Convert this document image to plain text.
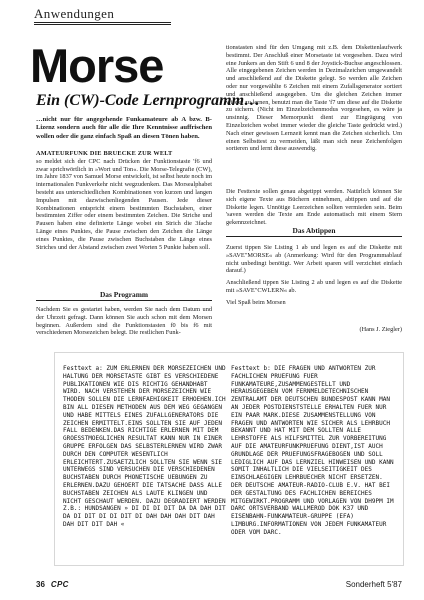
Anwendungen
Morse
Ein (CW)-Code Lernprogramm…

…nicht nur für angegehende Funkamateure ab A bzw. B-Lizenz sondern auch für alle die Ihre Kenntnisse auffrischen wollen oder die ganz einfach Spaß an diesen Tönen haben.

AMATEURFUNK DIE BRUECKE ZUR WELT

so meldet sich der CPC nach Drücken der Funktionstaste 'f6 und zwar sprichwörtlich in »Wort und Ton«. Die Morse-Telegrafie (CW), im Jahre 1837 von Samuel Morse entwickelt, ist selbst heute noch im internationalen Funkverkehr nicht wegzudenken. Das Morsealphabet besteht aus unterschiedlichen Kombinationen von kurzen und langen Impulsen mit dazwischenliegenden Pausen. Jede dieser Kombinationen entspricht einem bestimmten Buchstaben, einer bestimmten Ziffer oder einem bestimmten Zeichen. Die Striche und Pausen haben eine definierte Länge wobei ein Strich die 3fache Länge eines Punktes, die Pause zwischen den Zeichen die Länge eines Punktes, die Pause zwischen Buchstaben die Länge eines Striches und der Abstand zwischen zwei Worten 5 Punkte haben soll.

Das Programm

Nachdem Sie es gestartet haben, werden Sie nach dem Datum und der Uhrzeit gefragt. Dann können Sie auch schon mit dem Morsen beginnen. Außerdem sind die Funktionstasten f0 bis f6 mit verschiedenen Morsezeichen belegt. Die restlichen Funk-

tionstasten sind für den Umgang mit z.B. dem Diskettenlaufwerk bestimmt. Der Anschluß einer Morsetaste ist vorgesehen. Dazu wird eine Junkers an den Stift 6 und 8 der Joystick-Buchse angeschlossen. Alle eingegebenen Zeichen werden in Dezimalzeichen umgewandelt und anschließend auf die Diskette gelegt. So werden alle Zeichen oder nur vorgewählte 6 Zeichen mit einem Zufallsgenerator sortiert und anschließend ausgegeben. Um die gleichen Zeichen immer wieder zu lernen, benutzt man die Taste 'f7 um diese auf die Diskette zu sichern. (Nicht im Einzelzeichenmodus vorgesehen, es wäre ja unsinnig. Dieser Memorpunkt dient zur Eingrägung von Einzelzeichen wobei immer wieder die gleiche Taste gedrückt wird.) Nach einer gewissen Lernzeit kennt man die Zeichen sicherlich. Um einen Selbsttest zu vermeiden, läßt man sich neue Zeichenfolgen sortieren und lernt diese auswendig.

Die Festtexte sollen genau abgetippt werden. Natürlich können Sie sich eigene Texte aus Büchern entnehmen, abtippen und auf die Diskette legen. Unnötige Leerzeichen sollten vermieden sein. Beim 'saven werden die Texte am Ende automatisch mit einem Stern gekennzeichnet.

Das Abtippen

Zuerst tippen Sie Listing 1 ab und legen es auf die Diskette mit »SAVE"MORSE« ab (Anmerkung: Wird für den Programmablauf nicht unbedingt benötigt. Wer Arbeit sparen will verzichtet einfach darauf.)

Anschließend tippen Sie Listing 2 ab und legen es auf die Diskette mit »SAVE"CWLERN« ab.

Viel Spaß beim Morsen

(Hans J. Ziegler)
Festtext a: ZUM ERLERNEN DER MORSEZEICHEN UND HALTUNG DER MORSETASTE GIBT ES VERSCHIEDENE PUBLIKATIONEN WIE DIS RICHTIG GEHANDHABT WIRD. NACH VERSTEHEN DER MORSEZEICHEN WIE THODEN SOLLEN DIE LERNFAEHIGKEIT ERHOEHEN.ICH BIN ALL DIESEN METHODEN AUS DEM WEG GEGANGEN UND HABE MITTELS EINES ZUFALLGENERATORS DIE ZEICHEN ERMITTELT.EINS SOLLTEN SIE AUF JEDEN FALL BEDENKEN.DAS RICHTIGE ERLERNEN MIT DEM GROESSTMOEGLICHEN RESULTAT KANN NUR IN EINER GRUPPE ERFOLGEN DAS SELBSTERLERNEN WIRD ZWAR DURCH DEN COMPUTER WESENTLICH ERLEICHTERT.ZUSAETZLICH SOLLTEN SIE WENN SIE UNTERWEGS SIND VERSUCHEN DIE VERSCHIEDENEN BUCHSTABEN DURCH PHONETISCHE UEBUNGEN ZU ERLERNEN.DAZU GEHOERT DIE TATSACHE DASS ALLE BUCHSTABEN ZEICHEN ALS LAUTE KLINGEN UND NICHT GESCHAUT WERDEN. DAZU DEGRADIERT WERDEN Z.B.: HUNDSANGEN » DI DI DI DIT DA DA DAH DIT DA DI DIT DI DI DIT DI DAH DAH DAH DIT DAH DAH DIT DIT DAH «
Festtext b: DIE FRAGEN UND ANTWORTEN ZUR FACHLICHEN PRUEFUNG FUER FUNKAMATEURE,ZUSAMMENGESTELLT UND HERAUSGEGEBEN VOM FERNMELDETECHNISCHEN ZENTRALAMT DER DEUTSCHEN BUNDESPOST KANN MAN AN JEDER POSTDIENSTSTELLE ERHALTEN FUER NUR EIN PAAR MARK.DIESE ZUSAMMENSTELLUNG VON FRAGEN UND ANTWORTEN WIE SICHER ALS LEHRBUCH BEKANNT UND HAT MIT DEM SOLLTEN ALLE LEHRSTOFFE ALS HILFSMITTEL ZUR VORBEREITUNG AUF DIE AMATEURFUNKPRUEFUNG DIENT,IST AUCH GRUNDLAGE DER PRUEFUNGSFRAGEBOGEN UND SOLL LEDIGLICH AUF DAS LERNZIEL HINWEISEN UND KANN SOMIT INHALTLICH DIE VIELSEITIGKEIT DES EINSCHLAEGIGEN LEHRBUECHER NICHT ERSETZEN. DER DEUTSCHE AMATEUR-RADIO-CLUB E.V. HAT BEI DER GESTALTUNG DES FACHLICHEN BEREICHES MITGEWIRKT.PROGRAMM UND VORLAGEN VON DH9PM IM DARC ORTSVERBAND WALLMEROD DOK K37 UND EISENBAHN-FUNKAMATEUR-GRUPPE (EFA) LIMBURG.INFORMATIONEN VON JEDEM FUNKAMATEUR ODER VOM DARC.
36 CPC	Sonderheft 5'87
